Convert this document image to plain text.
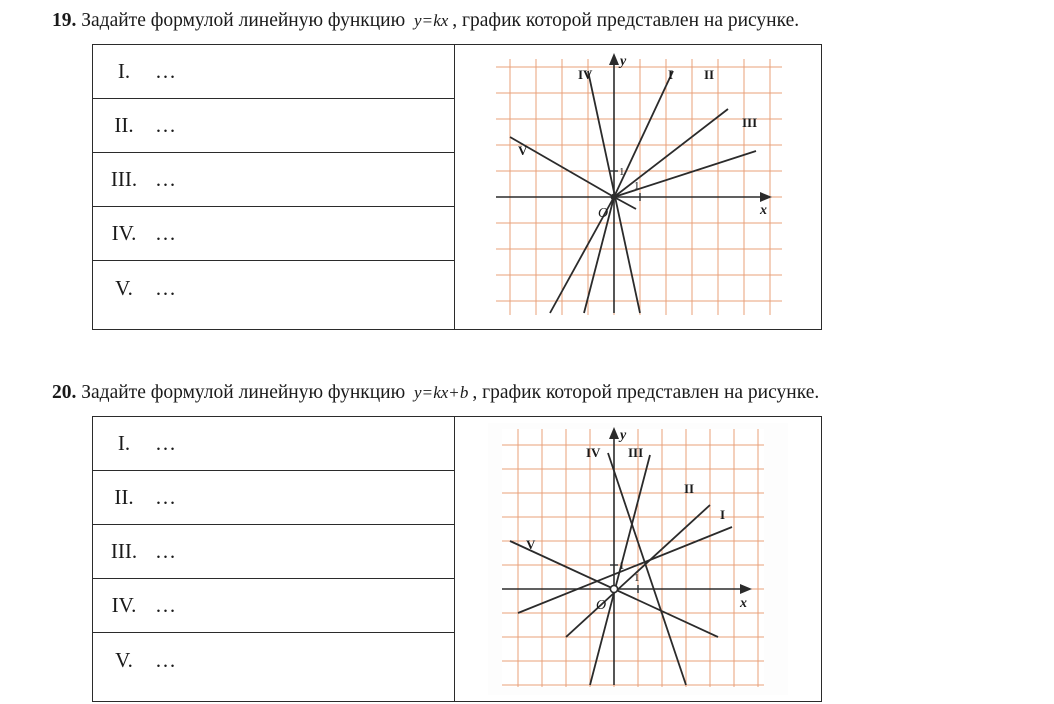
19. Задайте формулой линейную функцию y=kx , график которой представлен на рисунке.
I.	…
II.	…
III. …
IV. …
V.	…
x
y
O
1
1
IV	I II
III
V
20. Задайте формулой линейную функцию y=kx+b , график которой представлен на рисунке.
I.	…
II.	…
III. …
IV. …
V.	…
x
y
O
1
1
IV III
II
I
V
